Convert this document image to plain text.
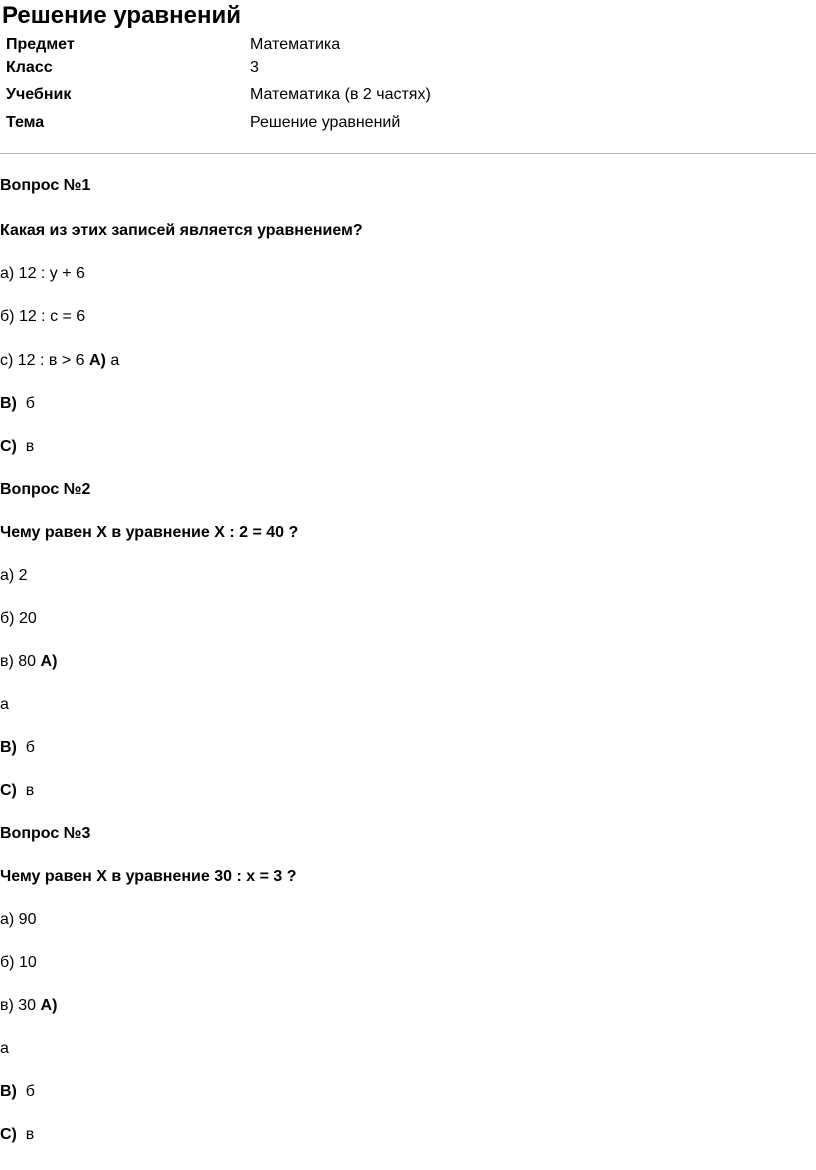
Решение уравнений
Предмет	Математика
Класс	3
Учебник	Математика (в 2 частях)
Тема	Решение уравнений
Вопрос №1
Какая из этих записей является уравнением?
а) 12 : у + 6
б) 12 : с = 6
с) 12 : в > 6 А) а
В) б
С) в
Вопрос №2
Чему равен Х в уравнение Х : 2 = 40 ?
а) 2
б) 20
в) 80 А)
а
В) б
С) в
Вопрос №3
Чему равен Х в уравнение 30 : х = 3 ?
а) 90
б) 10
в) 30 А)
а
В) б
С) в
